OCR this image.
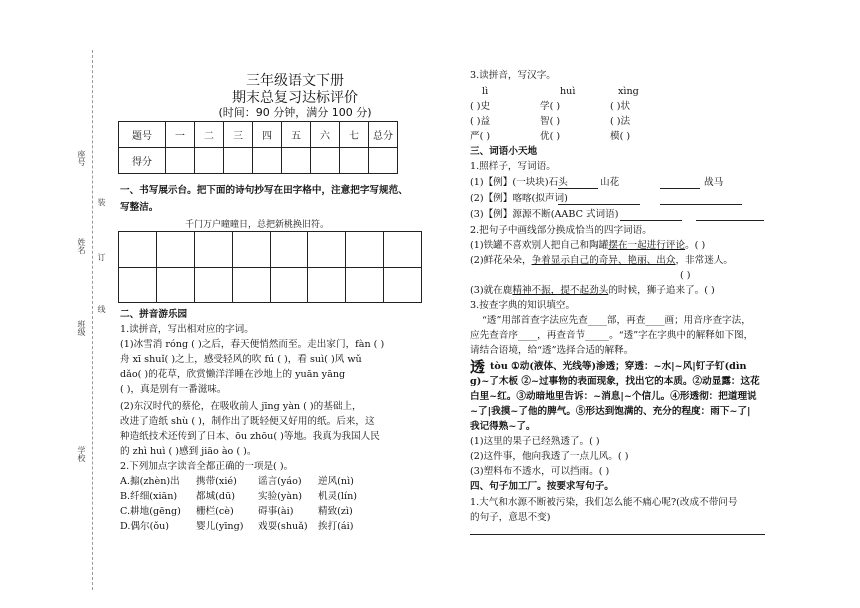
座号
姓名
班级
学校
装
订
线
三年级语文下册
期末总复习达标评价
(时间：90 分钟，满分 100 分)
题号	一	二	三	四	五	六	七	总分
得分								
一、书写展示台。把下面的诗句抄写在田字格中，注意把字写规范、
写整洁。
千门万户曈曈日，总把新桃换旧符。
二、拼音游乐园
1.读拼音，写出相对应的字词。
(1)冰雪消 róng ( )之后，春天便悄然而至。走出家门，fàn ( )
舟 xī shuǐ( )之上，感受轻风的吹 fú ( )，看 suì( )风 wǔ
dǎo( )的花草，欣赏懒洋洋睡在沙地上的 yuān yāng
( )，真是别有一番滋味。
(2)东汉时代的蔡伦，在吸收前人 jīng yàn ( )的基础上，
改进了造纸 shù ( )，制作出了既轻便又好用的纸。后来，这
种造纸技术还传到了日本、ōu zhōu( )等地。我真为我国人民
的 zhì huì ( )感到 jiāo ào ( )。
2.下列加点字读音全都正确的一项是( )。
A.搧(zhèn)出 携带(xié) 谣言(yáo) 逆风(nì)
B.纤细(xiān) 都城(dū) 实验(yàn) 机灵(lín)
C.耕地(gēng) 栅栏(cè)	碍事(ài)	精致(zì)
D.偶尔(ǒu)	婴儿(yīng) 戏耍(shuǎ) 挨打(ái)
3.读拼音，写汉字。
lì	huì	xìng
( )史	学( )	( )状
( )益	智( )	( )法
严( )	优( )	模( )
三、词语小天地
1.照样子，写词语。
(1)【例】(一块块)石头	山花	战马
(2)【例】喀喀(拟声词)
(3)【例】源源不断(AABC 式词语)
2.把句子中画线部分换成恰当的四字词语。
(1)铁罐不喜欢别人把自己和陶罐摆在一起进行评论。( )
(2)鲜花朵朵，争着显示自己的奇异、艳丽、出众，非常迷人。
( )
(3)就在鹿精神不振，提不起劲头的时候，狮子追来了。( )
3.按查字典的知识填空。
“透”用部首查字法应先查____部，再查____画；用音序查字法，
应先查音序____，再查音节_____。“透”字在字典中的解释如下图，
请结合语境，给“透”选择合适的解释。
透 tòu ①动(液体、光线等)渗透；穿透：~水|~风|钉子钉(dìn
g)~了木板 ②~过事物的表面现象，找出它的本质。②动显露：这花
白里~红。③动暗地里告诉：~消息|~个信儿。④形透彻：把道理说
~了|我摸~了他的脾气。⑤形达到饱满的、充分的程度：雨下~了|
我记得熟~了。
(1)这里的果子已经熟透了。( )
(2)这件事，他向我透了一点儿风。( )
(3)塑料布不透水，可以挡雨。( )
四、句子加工厂。按要求写句子。
1.大气和水源不断被污染，我们怎么能不痛心呢?(改成不带问号
的句子，意思不变)
